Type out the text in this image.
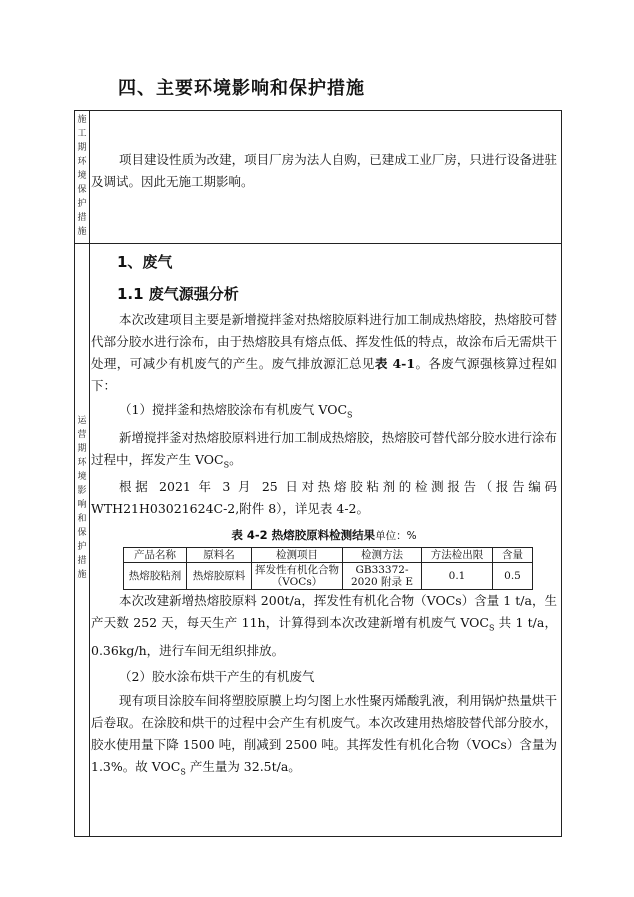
四、主要环境影响和保护措施
施工期环境保护措施

项目建设性质为改建，项目厂房为法人自购，已建成工业厂房，只进行设备进驻及调试。因此无施工期影响。

运营期环境影响和保护措施

1、废气

1.1 废气源强分析

本次改建项目主要是新增搅拌釜对热熔胶原料进行加工制成热熔胶，热熔胶可替代部分胶水进行涂布，由于热熔胶具有熔点低、挥发性低的特点，故涂布后无需烘干处理，可减少有机废气的产生。废气排放源汇总见表 4-1。各废气源强核算过程如下：

（1）搅拌釜和热熔胶涂布有机废气 $VOC_S$

新增搅拌釜对热熔胶原料进行加工制成热熔胶，热熔胶可替代部分胶水进行涂布过程中，挥发产生 $VOC_S$。

根据 2021 年 3 月 25 日对热熔胶粘剂的检测报告（报告编码 WTH21H03021624C-2,附件 8），详见表 4-2。

表 4-2 热熔胶原料检测结果单位：%

产品名称	原料名	检测项目	检测方法	方法检出限	含量
热熔胶粘剂	热熔胶原料	挥发性有机化合物（VOCs）	GB33372-2020 附录 E	0.1	0.5

本次改建新增热熔胶原料 200t/a，挥发性有机化合物（VOCs）含量 1 t/a，生产天数 252 天，每天生产 11h，计算得到本次改建新增有机废气 $VOC_S$ 共 1 t/a，0.36kg/h，进行车间无组织排放。

（2）胶水涂布烘干产生的有机废气

现有项目涂胶车间将塑胶原膜上均匀图上水性聚丙烯酸乳液，利用锅炉热量烘干后卷取。在涂胶和烘干的过程中会产生有机废气。本次改建用热熔胶替代部分胶水，胶水使用量下降 1500 吨，削减到 2500 吨。其挥发性有机化合物（VOCs）含量为 1.3%。故 $VOC_S$ 产生量为 32.5t/a。
